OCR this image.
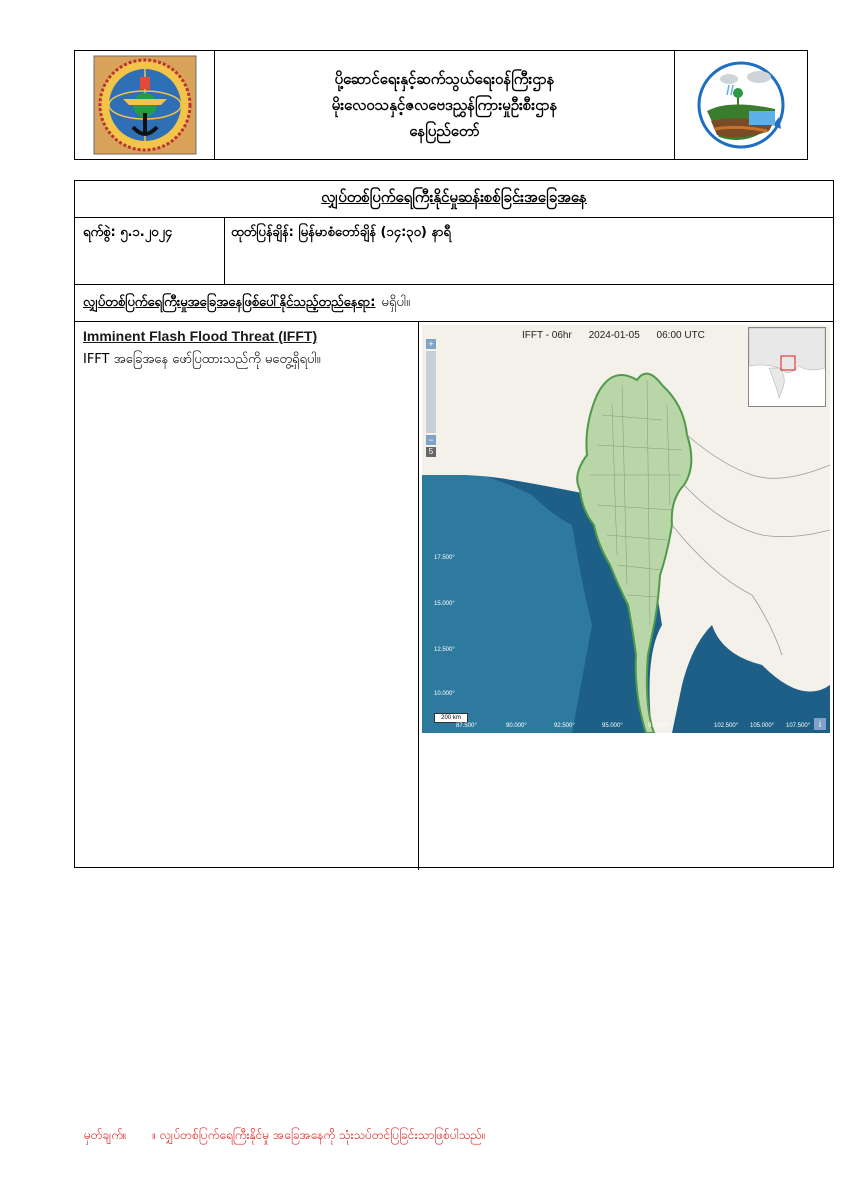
ပို့ဆောင်ရေးနှင့်ဆက်သွယ်ရေးဝန်ကြီးဌာန
မိုးလေဝသနှင့်ဇလဗေဒညွှန်ကြားမှုဦးစီးဌာန
နေပြည်တော်
လျှပ်တစ်ပြက်ရေကြီးနိုင်မှုဆန်းစစ်ခြင်းအခြေအနေ
ရက်စွဲ: ၅.၁.၂၀၂၄	ထုတ်ပြန်ချိန်: မြန်မာစံတော်ချိန် (၁၄:၃၀) နာရီ
လျှပ်တစ်ပြက်ရေကြီးမှုအခြေအနေဖြစ်ပေါ်နိုင်သည့်တည်နေရာ: မရှိပါ။
Imminent Flash Flood Threat (IFFT)
IFFT အခြေအနေ ဖော်ပြထားသည်ကို မတွေ့ရှိရပါ။
IFFT - 06hr 2024-01-05 06:00 UTC
+
−
5
200 km
i
17.500°
15.000°
12.500°
10.000°
87.500°	90.000°	92.500°	95.000°	97.500°	102.500° 105.000° 107.500°
မှတ်ချက်။ ။ လျှပ်တစ်ပြက်ရေကြီးနိုင်မှု အခြေအနေကို သုံးသပ်တင်ပြခြင်းသာဖြစ်ပါသည်။
